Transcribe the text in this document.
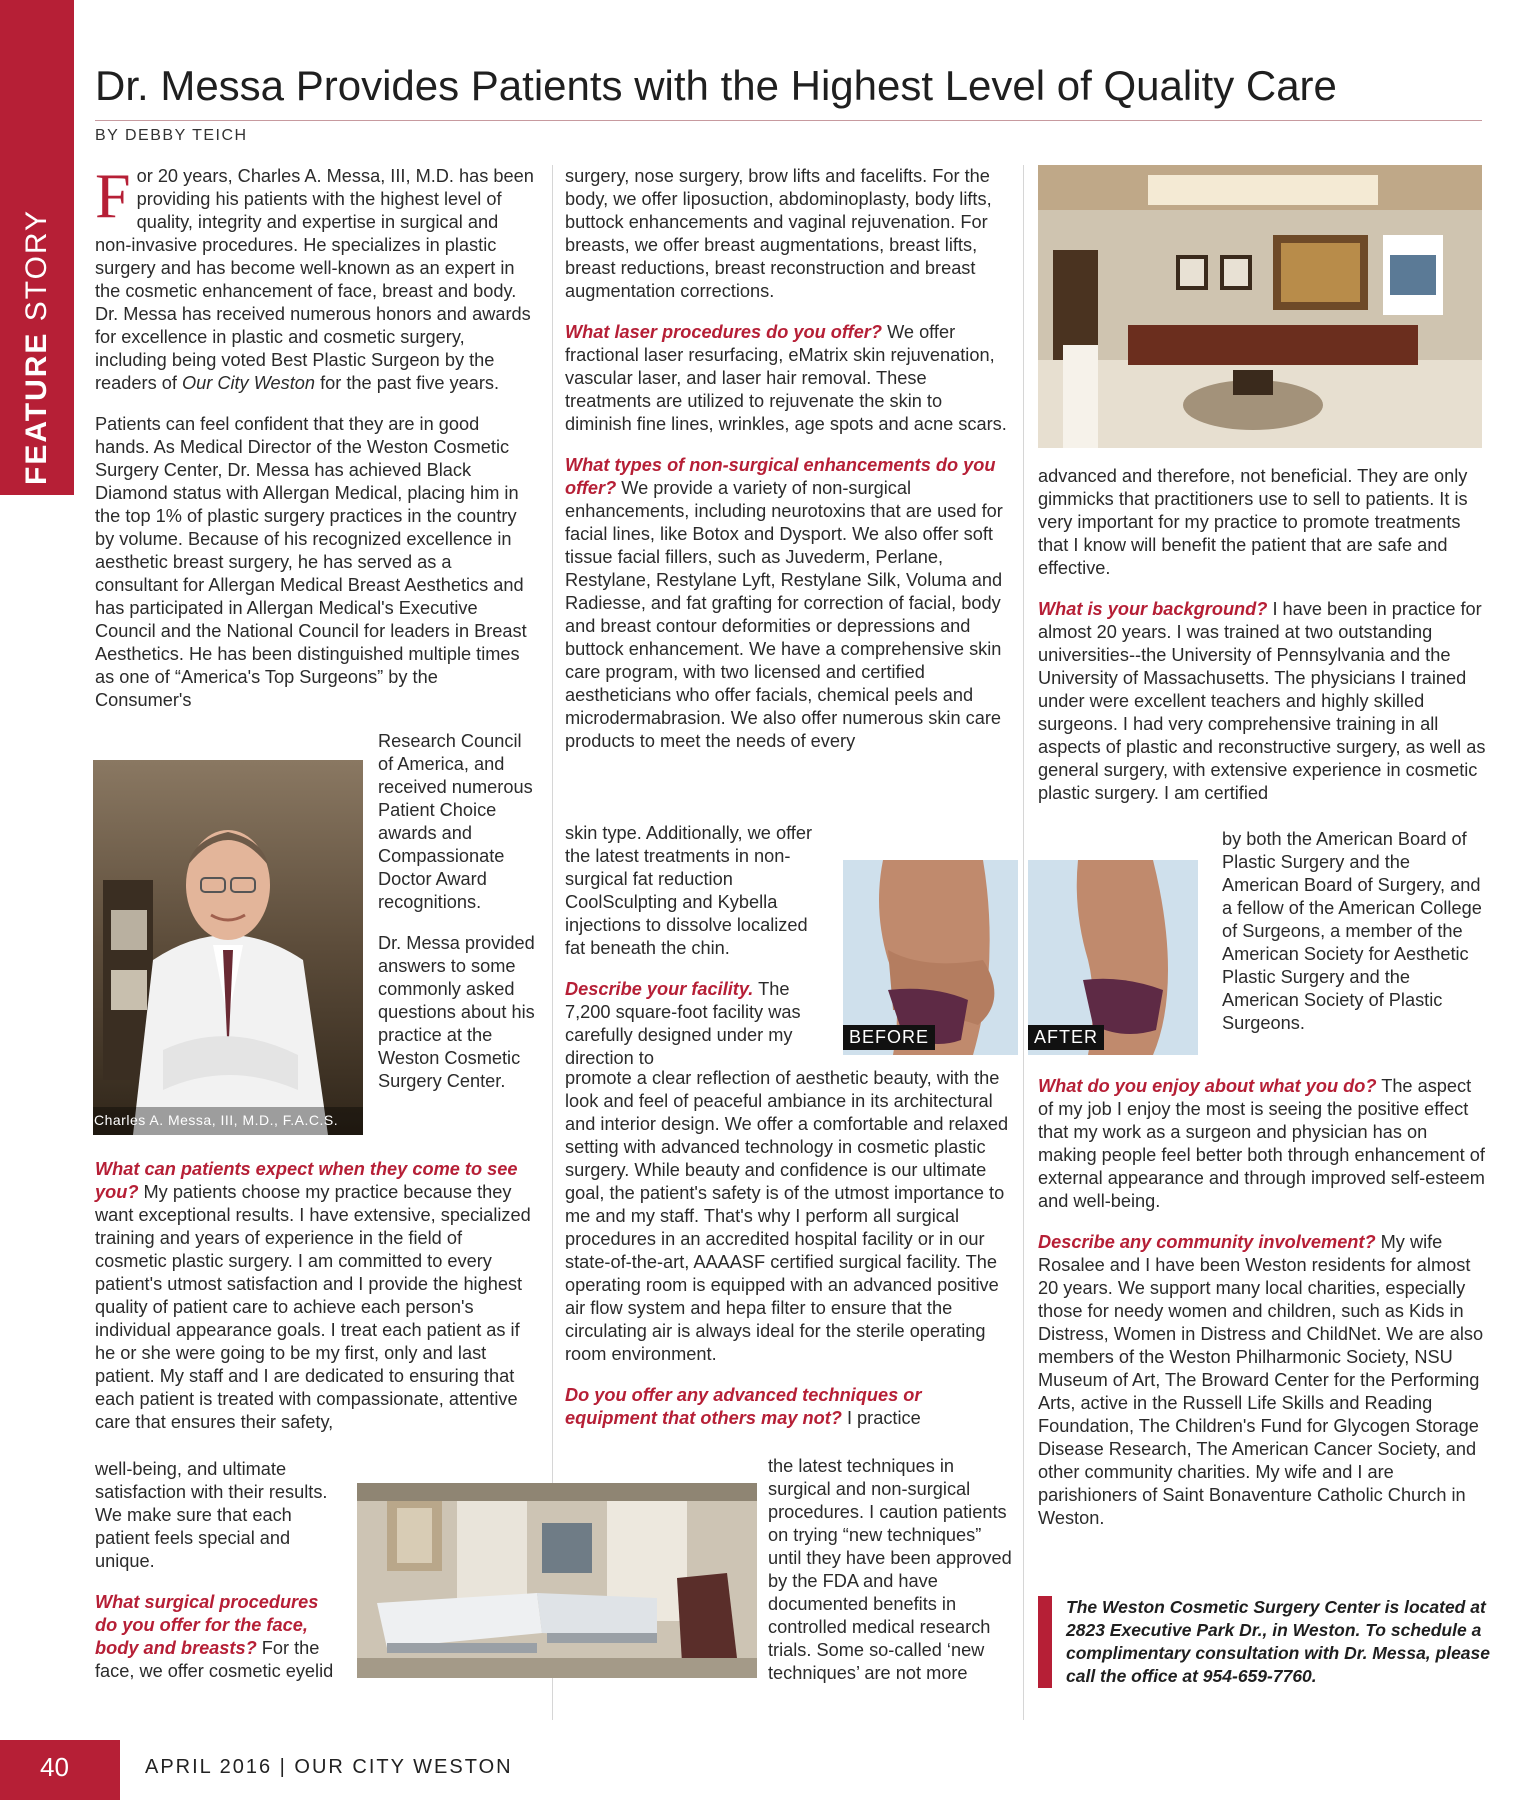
FEATURE STORY
Dr. Messa Provides Patients with the Highest Level of Quality Care
BY DEBBY TEICH

For 20 years, Charles A. Messa, III, M.D. has been providing his patients with the highest level of quality, integrity and expertise in surgical and non-invasive procedures. He specializes in plastic surgery and has become well-known as an expert in the cosmetic enhancement of face, breast and body. Dr. Messa has received numerous honors and awards for excellence in plastic and cosmetic surgery, including being voted Best Plastic Surgeon by the readers of Our City Weston for the past five years.

Patients can feel confident that they are in good hands. As Medical Director of the Weston Cosmetic Surgery Center, Dr. Messa has achieved Black Diamond status with Allergan Medical, placing him in the top 1% of plastic surgery practices in the country by volume. Because of his recognized excellence in aesthetic breast surgery, he has served as a consultant for Allergan Medical Breast Aesthetics and has participated in Allergan Medical's Executive Council and the National Council for leaders in Breast Aesthetics. He has been distinguished multiple times as one of “America's Top Surgeons” by the Consumer's

Research Council of America, and received numerous Patient Choice awards and Compassionate Doctor Award recognitions.

Dr. Messa provided answers to some commonly asked questions about his practice at the Weston Cosmetic Surgery Center.

What can patients expect when they come to see you? My patients choose my practice because they want exceptional results. I have extensive, specialized training and years of experience in the field of cosmetic plastic surgery. I am committed to every patient's utmost satisfaction and I provide the highest quality of patient care to achieve each person's individual appearance goals. I treat each patient as if he or she were going to be my first, only and last patient. My staff and I are dedicated to ensuring that each patient is treated with compassionate, attentive care that ensures their safety,

well-being, and ultimate satisfaction with their results. We make sure that each patient feels special and unique.

What surgical procedures do you offer for the face, body and breasts? For the face, we offer cosmetic eyelid

Charles A. Messa, III, M.D., F.A.C.S.

surgery, nose surgery, brow lifts and facelifts. For the body, we offer liposuction, abdominoplasty, body lifts, buttock enhancements and vaginal rejuvenation. For breasts, we offer breast augmentations, breast lifts, breast reductions, breast reconstruction and breast augmentation corrections.

What laser procedures do you offer? We offer fractional laser resurfacing, eMatrix skin rejuvenation, vascular laser, and laser hair removal. These treatments are utilized to rejuvenate the skin to diminish fine lines, wrinkles, age spots and acne scars.

What types of non-surgical enhancements do you offer? We provide a variety of non-surgical enhancements, including neurotoxins that are used for facial lines, like Botox and Dysport. We also offer soft tissue facial fillers, such as Juvederm, Perlane, Restylane, Restylane Lyft, Restylane Silk, Voluma and Radiesse, and fat grafting for correction of facial, body and breast contour deformities or depressions and buttock enhancement. We have a comprehensive skin care program, with two licensed and certified aestheticians who offer facials, chemical peels and microdermabrasion. We also offer numerous skin care products to meet the needs of every

skin type. Additionally, we offer the latest treatments in non-surgical fat reduction CoolSculpting and Kybella injections to dissolve localized fat beneath the chin.

Describe your facility. The 7,200 square-foot facility was carefully designed under my direction to

promote a clear reflection of aesthetic beauty, with the look and feel of peaceful ambiance in its architectural and interior design. We offer a comfortable and relaxed setting with advanced technology in cosmetic plastic surgery. While beauty and confidence is our ultimate goal, the patient's safety is of the utmost importance to me and my staff. That's why I perform all surgical procedures in an accredited hospital facility or in our state-of-the-art, AAAASF certified surgical facility. The operating room is equipped with an advanced positive air flow system and hepa filter to ensure that the circulating air is always ideal for the sterile operating room environment.

Do you offer any advanced techniques or equipment that others may not? I practice

the latest techniques in surgical and non-surgical procedures. I caution patients on trying “new techniques” until they have been approved by the FDA and have documented benefits in controlled medical research trials. Some so-called ‘new techniques’ are not more

BEFORE	AFTER

advanced and therefore, not beneficial. They are only gimmicks that practitioners use to sell to patients. It is very important for my practice to promote treatments that I know will benefit the patient that are safe and effective.

What is your background? I have been in practice for almost 20 years. I was trained at two outstanding universities--the University of Pennsylvania and the University of Massachusetts. The physicians I trained under were excellent teachers and highly skilled surgeons. I had very comprehensive training in all aspects of plastic and reconstructive surgery, as well as general surgery, with extensive experience in cosmetic plastic surgery. I am certified

by both the American Board of Plastic Surgery and the American Board of Surgery, and a fellow of the American College of Surgeons, a member of the American Society for Aesthetic Plastic Surgery and the American Society of Plastic Surgeons.

What do you enjoy about what you do? The aspect of my job I enjoy the most is seeing the positive effect that my work as a surgeon and physician has on making people feel better both through enhancement of external appearance and through improved self-esteem and well-being.

Describe any community involvement? My wife Rosalee and I have been Weston residents for almost 20 years. We support many local charities, especially those for needy women and children, such as Kids in Distress, Women in Distress and ChildNet. We are also members of the Weston Philharmonic Society, NSU Museum of Art, The Broward Center for the Performing Arts, active in the Russell Life Skills and Reading Foundation, The Children's Fund for Glycogen Storage Disease Research, The American Cancer Society, and other community charities. My wife and I are parishioners of Saint Bonaventure Catholic Church in Weston.

The Weston Cosmetic Surgery Center is located at 2823 Executive Park Dr., in Weston. To schedule a complimentary consultation with Dr. Messa, please call the office at 954-659-7760.
40	APRIL 2016 | OUR CITY WESTON
